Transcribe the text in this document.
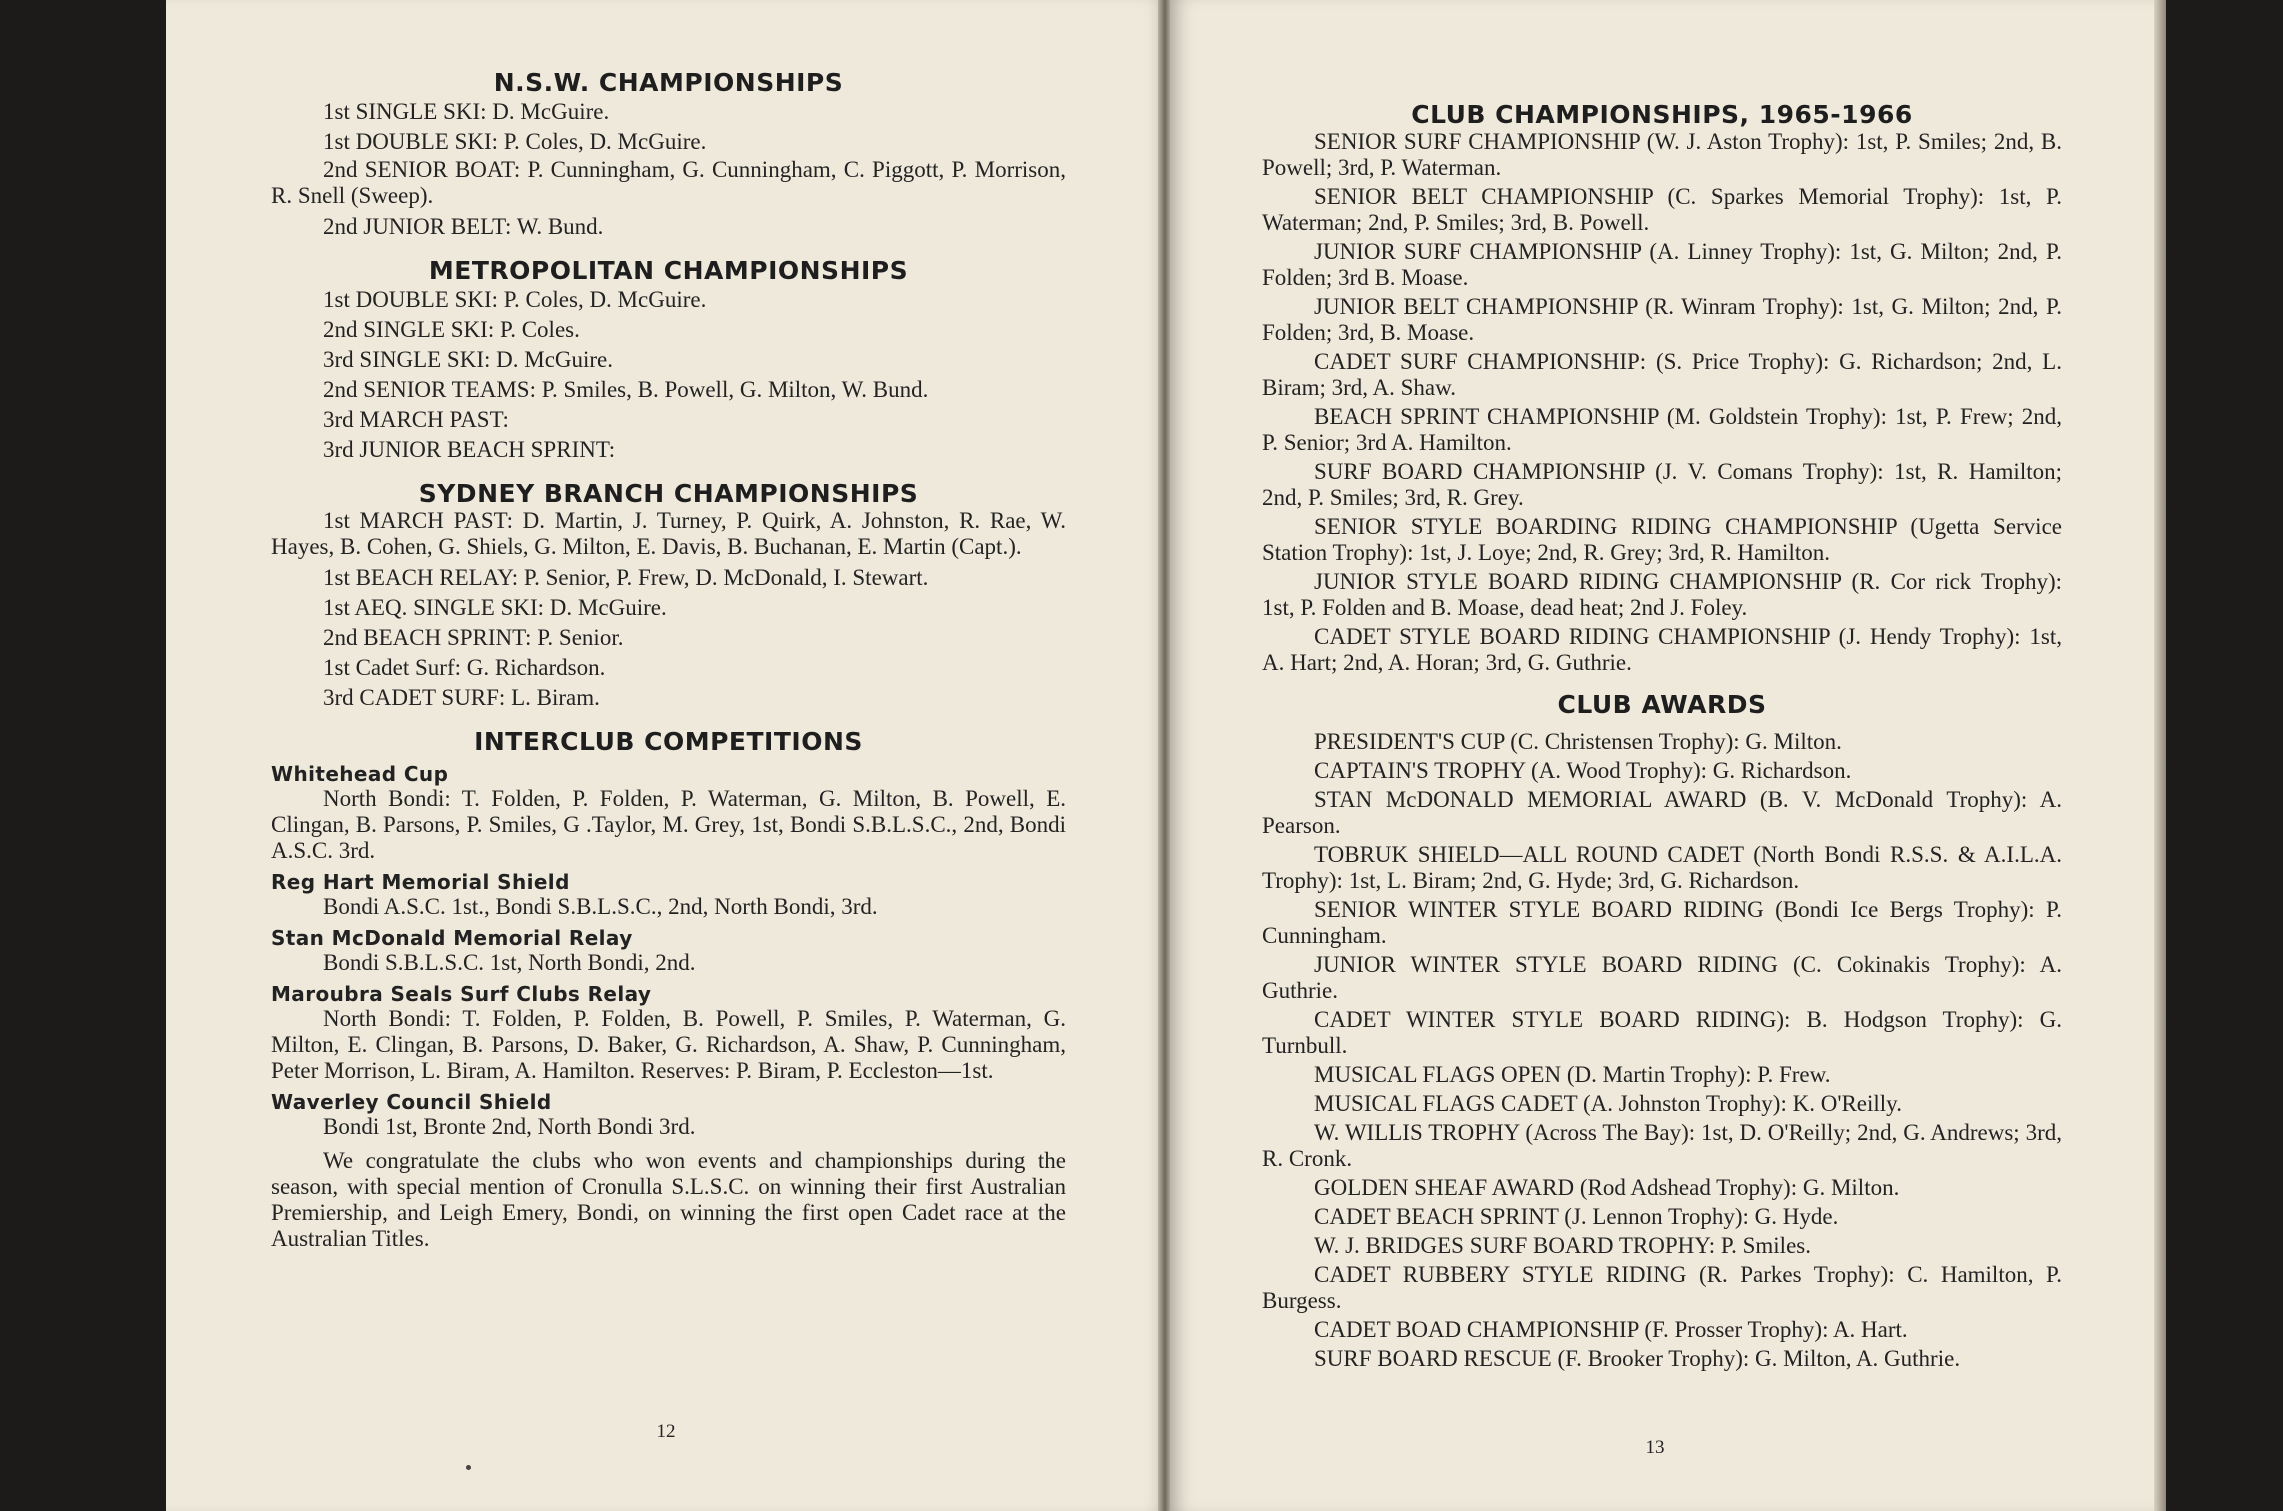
N.S.W. CHAMPIONSHIPS
1st SINGLE SKI: D. McGuire.
1st DOUBLE SKI: P. Coles, D. McGuire.

2nd SENIOR BOAT: P. Cunningham, G. Cunningham, C. Piggott, P. Morrison, R. Snell (Sweep).

2nd JUNIOR BELT: W. Bund.
METROPOLITAN CHAMPIONSHIPS
1st DOUBLE SKI: P. Coles, D. McGuire.
2nd SINGLE SKI: P. Coles.
3rd SINGLE SKI: D. McGuire.
2nd SENIOR TEAMS: P. Smiles, B. Powell, G. Milton, W. Bund.
3rd MARCH PAST:
3rd JUNIOR BEACH SPRINT:
SYDNEY BRANCH CHAMPIONSHIPS

1st MARCH PAST: D. Martin, J. Turney, P. Quirk, A. Johnston, R. Rae, W. Hayes, B. Cohen, G. Shiels, G. Milton, E. Davis, B. Buchanan, E. Martin (Capt.).

1st BEACH RELAY: P. Senior, P. Frew, D. McDonald, I. Stewart.
1st AEQ. SINGLE SKI: D. McGuire.
2nd BEACH SPRINT: P. Senior.
1st Cadet Surf: G. Richardson.
3rd CADET SURF: L. Biram.
INTERCLUB COMPETITIONS
Whitehead Cup

North Bondi: T. Folden, P. Folden, P. Waterman, G. Milton, B. Powell, E. Clingan, B. Parsons, P. Smiles, G .Taylor, M. Grey, 1st, Bondi S.B.L.S.C., 2nd, Bondi A.S.C. 3rd.

Reg Hart Memorial Shield

Bondi A.S.C. 1st., Bondi S.B.L.S.C., 2nd, North Bondi, 3rd.

Stan McDonald Memorial Relay

Bondi S.B.L.S.C. 1st, North Bondi, 2nd.

Maroubra Seals Surf Clubs Relay

North Bondi: T. Folden, P. Folden, B. Powell, P. Smiles, P. Waterman, G. Milton, E. Clingan, B. Parsons, D. Baker, G. Richardson, A. Shaw, P. Cunningham, Peter Morrison, L. Biram, A. Hamilton. Reserves: P. Biram, P. Eccleston—1st.

Waverley Council Shield

Bondi 1st, Bronte 2nd, North Bondi 3rd.

We congratulate the clubs who won events and championships during the season, with special mention of Cronulla S.L.S.C. on winning their first Australian Premiership, and Leigh Emery, Bondi, on winning the first open Cadet race at the Australian Titles.

12
CLUB CHAMPIONSHIPS, 1965-1966

SENIOR SURF CHAMPIONSHIP (W. J. Aston Trophy): 1st, P. Smiles; 2nd, B. Powell; 3rd, P. Waterman.

SENIOR BELT CHAMPIONSHIP (C. Sparkes Memorial Trophy): 1st, P. Waterman; 2nd, P. Smiles; 3rd, B. Powell.

JUNIOR SURF CHAMPIONSHIP (A. Linney Trophy): 1st, G. Milton; 2nd, P. Folden; 3rd B. Moase.

JUNIOR BELT CHAMPIONSHIP (R. Winram Trophy): 1st, G. Milton; 2nd, P. Folden; 3rd, B. Moase.

CADET SURF CHAMPIONSHIP: (S. Price Trophy): G. Richardson; 2nd, L. Biram; 3rd, A. Shaw.

BEACH SPRINT CHAMPIONSHIP (M. Goldstein Trophy): 1st, P. Frew; 2nd, P. Senior; 3rd A. Hamilton.

SURF BOARD CHAMPIONSHIP (J. V. Comans Trophy): 1st, R. Hamilton; 2nd, P. Smiles; 3rd, R. Grey.

SENIOR STYLE BOARDING RIDING CHAMPIONSHIP (Ugetta Service Station Trophy): 1st, J. Loye; 2nd, R. Grey; 3rd, R. Hamilton.

JUNIOR STYLE BOARD RIDING CHAMPIONSHIP (R. Cor rick Trophy): 1st, P. Folden and B. Moase, dead heat; 2nd J. Foley.

CADET STYLE BOARD RIDING CHAMPIONSHIP (J. Hendy Trophy): 1st, A. Hart; 2nd, A. Horan; 3rd, G. Guthrie.

CLUB AWARDS

PRESIDENT'S CUP (C. Christensen Trophy): G. Milton.

CAPTAIN'S TROPHY (A. Wood Trophy): G. Richardson.

STAN McDONALD MEMORIAL AWARD (B. V. McDonald Trophy): A. Pearson.

TOBRUK SHIELD—ALL ROUND CADET (North Bondi R.S.S. & A.I.L.A. Trophy): 1st, L. Biram; 2nd, G. Hyde; 3rd, G. Richardson.

SENIOR WINTER STYLE BOARD RIDING (Bondi Ice Bergs Trophy): P. Cunningham.

JUNIOR WINTER STYLE BOARD RIDING (C. Cokinakis Trophy): A. Guthrie.

CADET WINTER STYLE BOARD RIDING): B. Hodgson Trophy): G. Turnbull.

MUSICAL FLAGS OPEN (D. Martin Trophy): P. Frew.

MUSICAL FLAGS CADET (A. Johnston Trophy): K. O'Reilly.

W. WILLIS TROPHY (Across The Bay): 1st, D. O'Reilly; 2nd, G. Andrews; 3rd, R. Cronk.

GOLDEN SHEAF AWARD (Rod Adshead Trophy): G. Milton.

CADET BEACH SPRINT (J. Lennon Trophy): G. Hyde.

W. J. BRIDGES SURF BOARD TROPHY: P. Smiles.

CADET RUBBERY STYLE RIDING (R. Parkes Trophy): C. Hamilton, P. Burgess.

CADET BOAD CHAMPIONSHIP (F. Prosser Trophy): A. Hart.

SURF BOARD RESCUE (F. Brooker Trophy): G. Milton, A. Guthrie.

13
